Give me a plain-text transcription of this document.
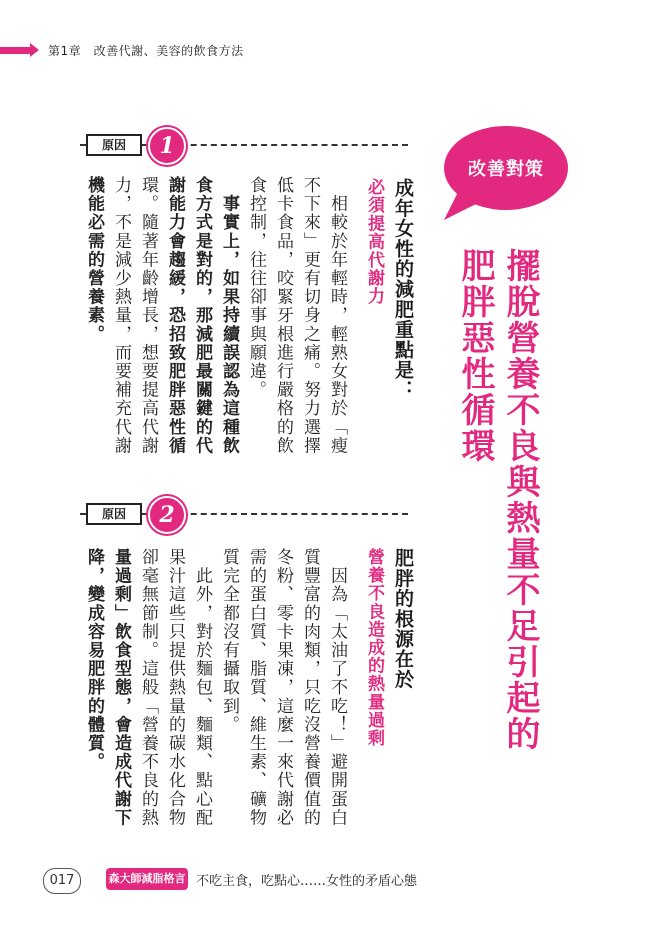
第1章　改善代謝、美容的飲食方法
改善對策
擺脫營養不良與熱量不足引起的
肥胖惡性循環
原因	1
成年女性的減肥重點是：
必須提高代謝力
　相較於年輕時，輕熟女對於「瘦
不下來」更有切身之痛。努力選擇
低卡食品，咬緊牙根進行嚴格的飲
食控制，往往卻事與願違。
　事實上，如果持續誤認為這種飲
食方式是對的，那減肥最關鍵的代
謝能力會趨緩，恐招致肥胖惡性循
環。隨著年齡增長，想要提高代謝
力，不是減少熱量，而要補充代謝
機能必需的營養素。
原因	2
肥胖的根源在於
營養不良造成的熱量過剩
　因為「太油了不吃！」避開蛋白
質豐富的肉類，只吃沒營養價值的
冬粉、零卡果凍，這麼一來代謝必
需的蛋白質、脂質、維生素、礦物
質完全都沒有攝取到。
　此外，對於麵包、麵類、點心配
果汁這些只提供熱量的碳水化合物
卻毫無節制。這般「營養不良的熱
量過剩」飲食型態，會造成代謝下
降，變成容易肥胖的體質。
017	森大師減脂格言 不吃主食，吃點心……女性的矛盾心態
